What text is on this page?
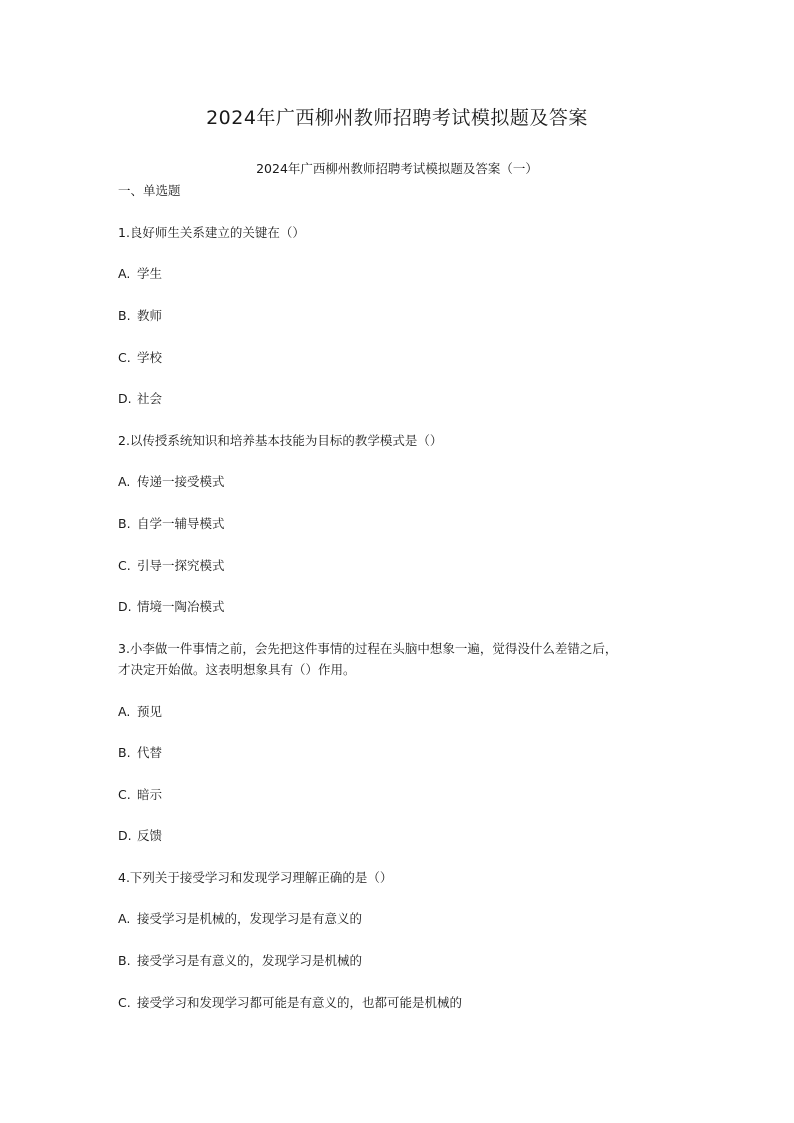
2024年广西柳州教师招聘考试模拟题及答案
2024年广西柳州教师招聘考试模拟题及答案（一）
一、单选题
1.良好师生关系建立的关键在（）
A. 学生
B. 教师
C. 学校
D. 社会
2.以传授系统知识和培养基本技能为目标的教学模式是（）
A. 传递一接受模式
B. 自学一辅导模式
C. 引导一探究模式
D. 情境一陶冶模式
3.小李做一件事情之前，会先把这件事情的过程在头脑中想象一遍，觉得没什么差错之后，
才决定开始做。这表明想象具有（）作用。
A. 预见
B. 代替
C. 暗示
D. 反馈
4.下列关于接受学习和发现学习理解正确的是（）
A. 接受学习是机械的，发现学习是有意义的
B. 接受学习是有意义的，发现学习是机械的
C. 接受学习和发现学习都可能是有意义的，也都可能是机械的
